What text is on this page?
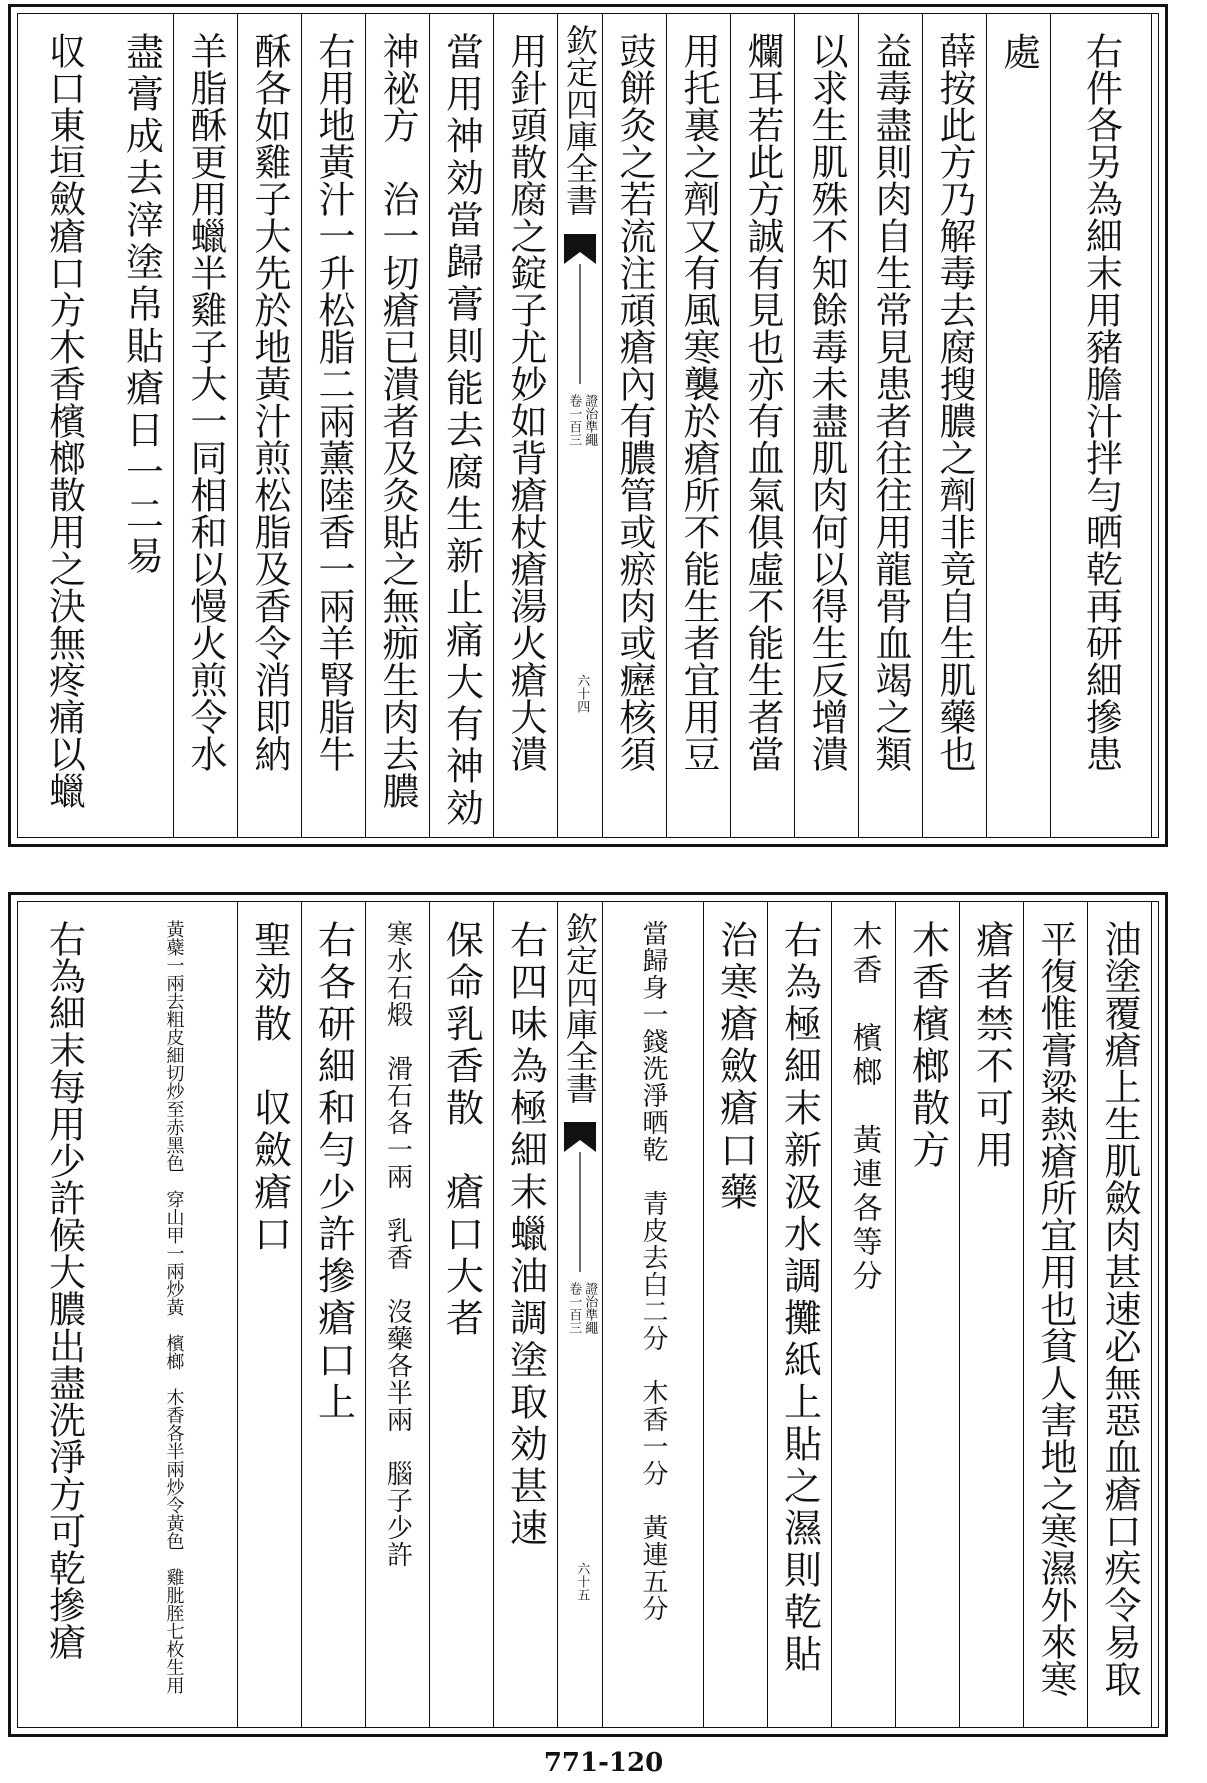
右件各另為細末用豬膽汁拌勻晒乾再研細摻患
處
薛按此方乃解毒去腐搜膿之劑非竟自生肌藥也
益毒盡則肉自生常見患者往往用龍骨血竭之類
以求生肌殊不知餘毒未盡肌肉何以得生反增潰
爛耳若此方誠有見也亦有血氣俱虛不能生者當
用托裏之劑又有風寒襲於瘡所不能生者宜用豆
豉餅灸之若流注頑瘡內有膿管或瘀肉或癧核須
欽定四庫全書
證治準繩
卷一百三
六十四
用針頭散腐之錠子尤妙如背瘡杖瘡湯火瘡大潰
當用神効當歸膏則能去腐生新止痛大有神効
神祕方　治一切瘡已潰者及灸貼之無痂生肉去膿
右用地黃汁一升松脂二兩薰陸香一兩羊腎脂牛
酥各如雞子大先於地黃汁煎松脂及香令消即納
羊脂酥更用蠟半雞子大一同相和以慢火煎令水
盡膏成去滓塗帛貼瘡日一二易
収口東垣斂瘡口方木香檳榔散用之決無疼痛以蠟
油塗覆瘡上生肌斂肉甚速必無惡血瘡口疾令易取
平復惟膏粱熱瘡所宜用也貧人害地之寒濕外來寒
瘡者禁不可用
木香檳榔散方
木香　檳榔　黃連各等分
右為極細末新汲水調攤紙上貼之濕則乾貼
治寒瘡斂瘡口藥
當歸身一錢洗淨晒乾　青皮去白二分　木香一分　黃連五分
欽定四庫全書
證治準繩
卷一百三
六十五
右四味為極細末蠟油調塗取効甚速
保命乳香散　瘡口大者
寒水石煅　滑石各一兩　乳香　沒藥各半兩　腦子少許
右各研細和勻少許摻瘡口上
聖効散　収斂瘡口
黃蘗一兩去粗皮細切炒至赤黑色　穿山甲一兩炒黃　檳榔　木香各半兩炒令黃色　雞肶胵七枚生用
右為細末每用少許候大膿出盡洗淨方可乾摻瘡
771-120
